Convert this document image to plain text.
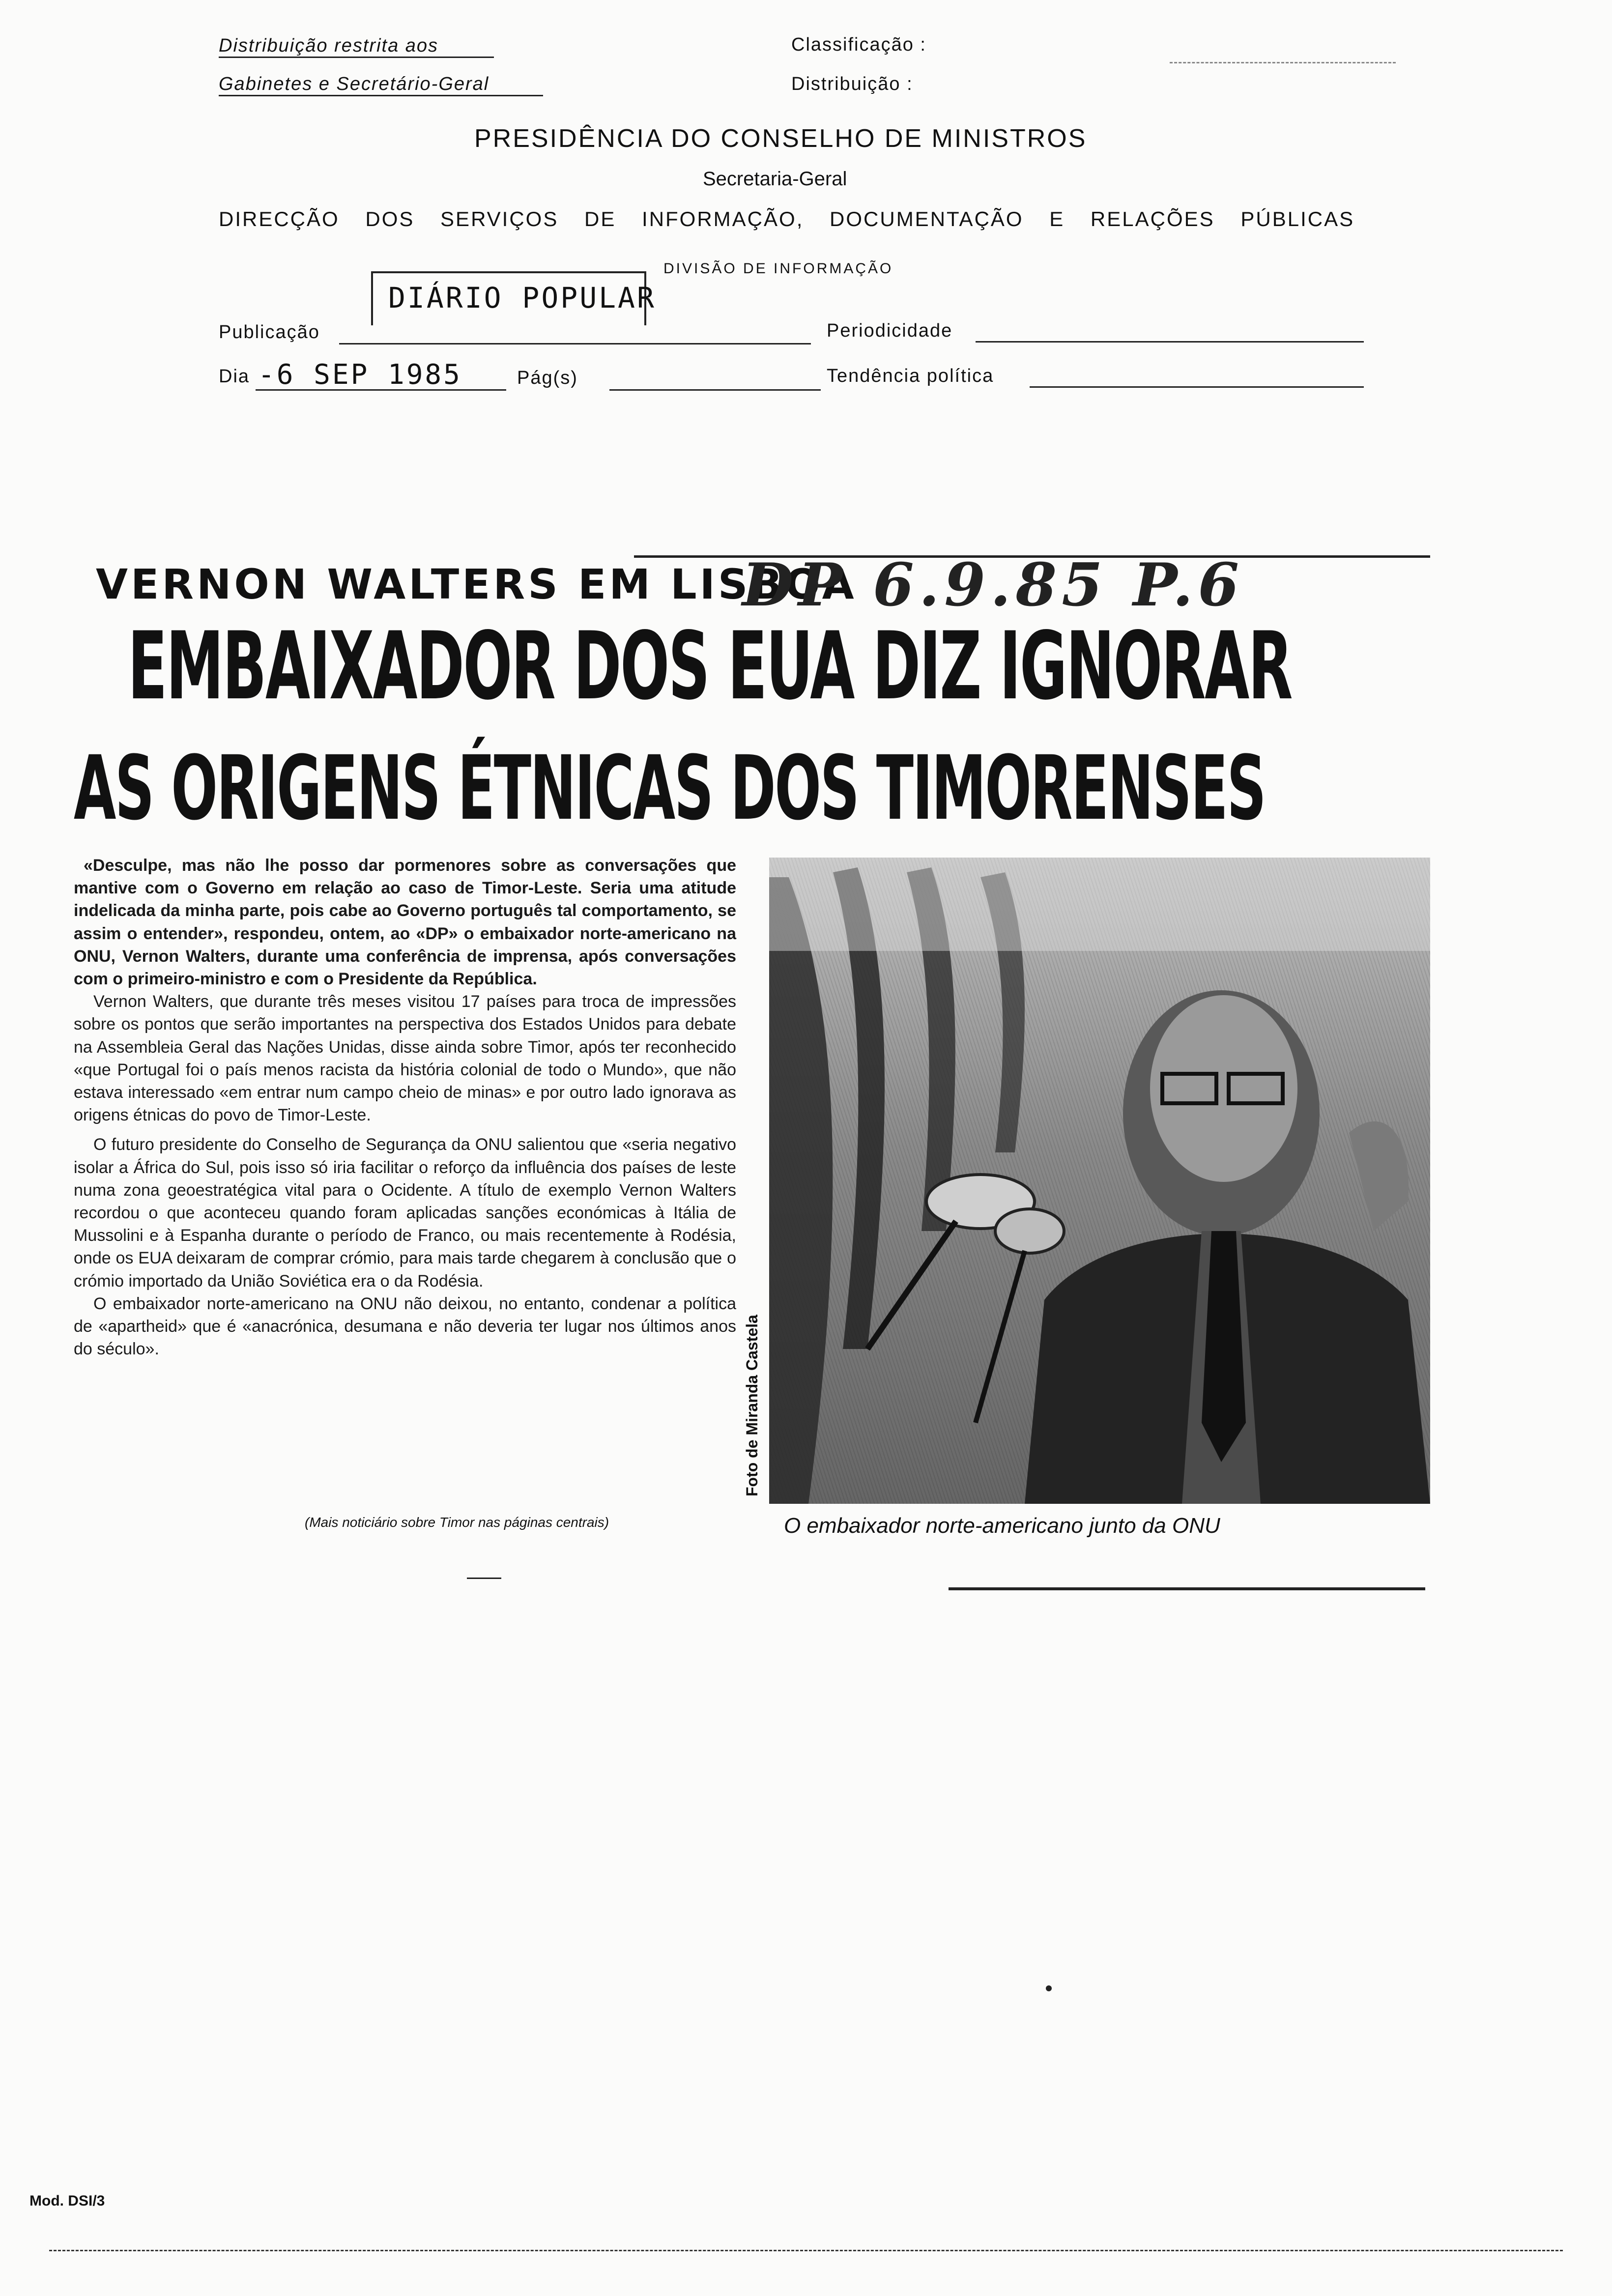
Distribuição restrita aos
Gabinetes e Secretário-Geral
Classificação :
Distribuição :
PRESIDÊNCIA DO CONSELHO DE MINISTROS
Secretaria-Geral
DIRECÇÃO DOS SERVIÇOS DE INFORMAÇÃO, DOCUMENTAÇÃO E RELAÇÕES PÚBLICAS
DIVISÃO DE INFORMAÇÃO
DIÁRIO POPULAR
Publicação	Periodicidade
Dia -6 SEP 1985	Pág(s)	Tendência política
VERNON WALTERS EM LISBOA
DP 6.9.85 P.6
EMBAIXADOR DOS EUA DIZ IGNORAR
AS ORIGENS ÉTNICAS DOS TIMORENSES

«Desculpe, mas não lhe posso dar pormenores sobre as conversações que mantive com o Governo em relação ao caso de Timor-Leste. Seria uma atitude indelicada da minha parte, pois cabe ao Governo português tal comportamento, se assim o entender», respondeu, ontem, ao «DP» o embaixador norte-americano na ONU, Vernon Walters, durante uma conferência de imprensa, após conversações com o primeiro-ministro e com o Presidente da República.

Vernon Walters, que durante três meses visitou 17 países para troca de impressões sobre os pontos que serão importantes na perspectiva dos Estados Unidos para debate na Assembleia Geral das Nações Unidas, disse ainda sobre Timor, após ter reconhecido «que Portugal foi o país menos racista da história colonial de todo o Mundo», que não estava interessado «em entrar num campo cheio de minas» e por outro lado ignorava as origens étnicas do povo de Timor-Leste.

O futuro presidente do Conselho de Segurança da ONU salientou que «seria negativo isolar a África do Sul, pois isso só iria facilitar o reforço da influência dos países de leste numa zona geoestratégica vital para o Ocidente. A título de exemplo Vernon Walters recordou o que aconteceu quando foram aplicadas sanções económicas à Itália de Mussolini e à Espanha durante o período de Franco, ou mais recentemente à Rodésia, onde os EUA deixaram de comprar crómio, para mais tarde chegarem à conclusão que o crómio importado da União Soviética era o da Rodésia.

O embaixador norte-americano na ONU não deixou, no entanto, condenar a política de «apartheid» que é «anacrónica, desumana e não deveria ter lugar nos últimos anos do século».

(Mais noticiário sobre Timor nas páginas centrais)
Foto de Miranda Castela
O embaixador norte-americano junto da ONU
Mod. DSI/3
